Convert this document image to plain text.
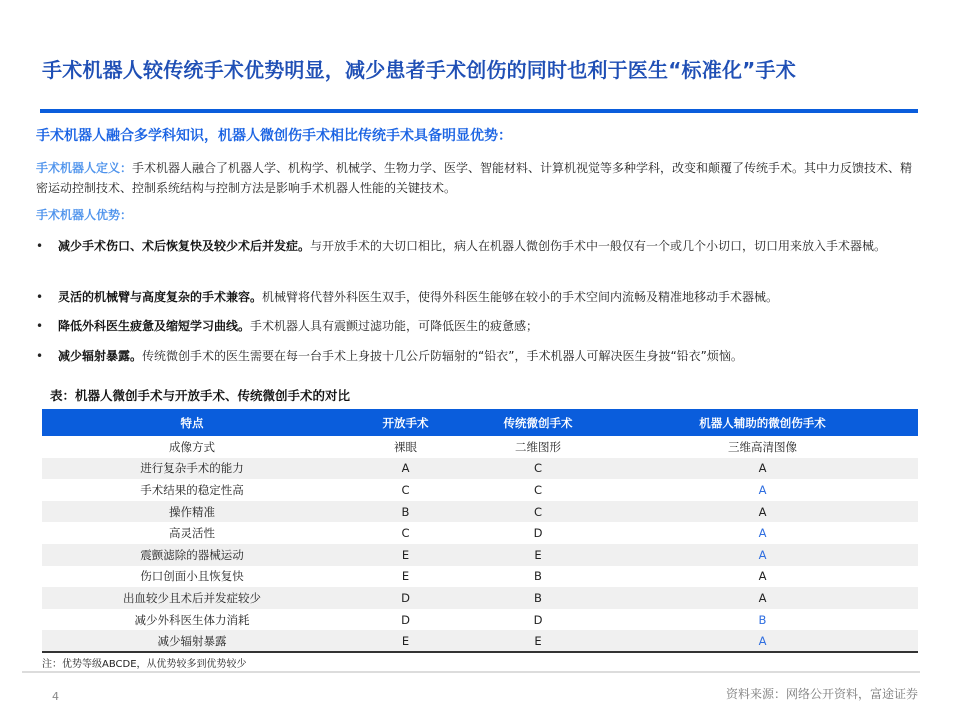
手术机器人较传统手术优势明显，减少患者手术创伤的同时也利于医生“标准化”手术
手术机器人融合多学科知识，机器人微创伤手术相比传统手术具备明显优势：
手术机器人定义：手术机器人融合了机器人学、机构学、机械学、生物力学、医学、智能材料、计算机视觉等多种学科，改变和颠覆了传统手术。其中力反馈技术、精密运动控制技术、控制系统结构与控制方法是影响手术机器人性能的关键技术。
手术机器人优势：
• 减少手术伤口、术后恢复快及较少术后并发症。与开放手术的大切口相比，病人在机器人微创伤手术中一般仅有一个或几个小切口，切口用来放入手术器械。
• 灵活的机械臂与高度复杂的手术兼容。机械臂将代替外科医生双手，使得外科医生能够在较小的手术空间内流畅及精准地移动手术器械。
• 降低外科医生疲惫及缩短学习曲线。手术机器人具有震颤过滤功能，可降低医生的疲惫感；
• 减少辐射暴露。传统微创手术的医生需要在每一台手术上身披十几公斤防辐射的“铅衣”，手术机器人可解决医生身披“铅衣”烦恼。
表：机器人微创手术与开放手术、传统微创手术的对比
特点	开放手术	传统微创手术	机器人辅助的微创伤手术
成像方式	裸眼	二维图形	三维高清图像
进行复杂手术的能力	A	C	A
手术结果的稳定性高	C	C	A
操作精准	B	C	A
高灵活性	C	D	A
震颤滤除的器械运动	E	E	A
伤口创面小且恢复快	E	B	A
出血较少且术后并发症较少	D	B	A
减少外科医生体力消耗	D	D	B
减少辐射暴露	E	E	A
注：优势等级ABCDE，从优势较多到优势较少
4	资料来源：网络公开资料，富途证券
